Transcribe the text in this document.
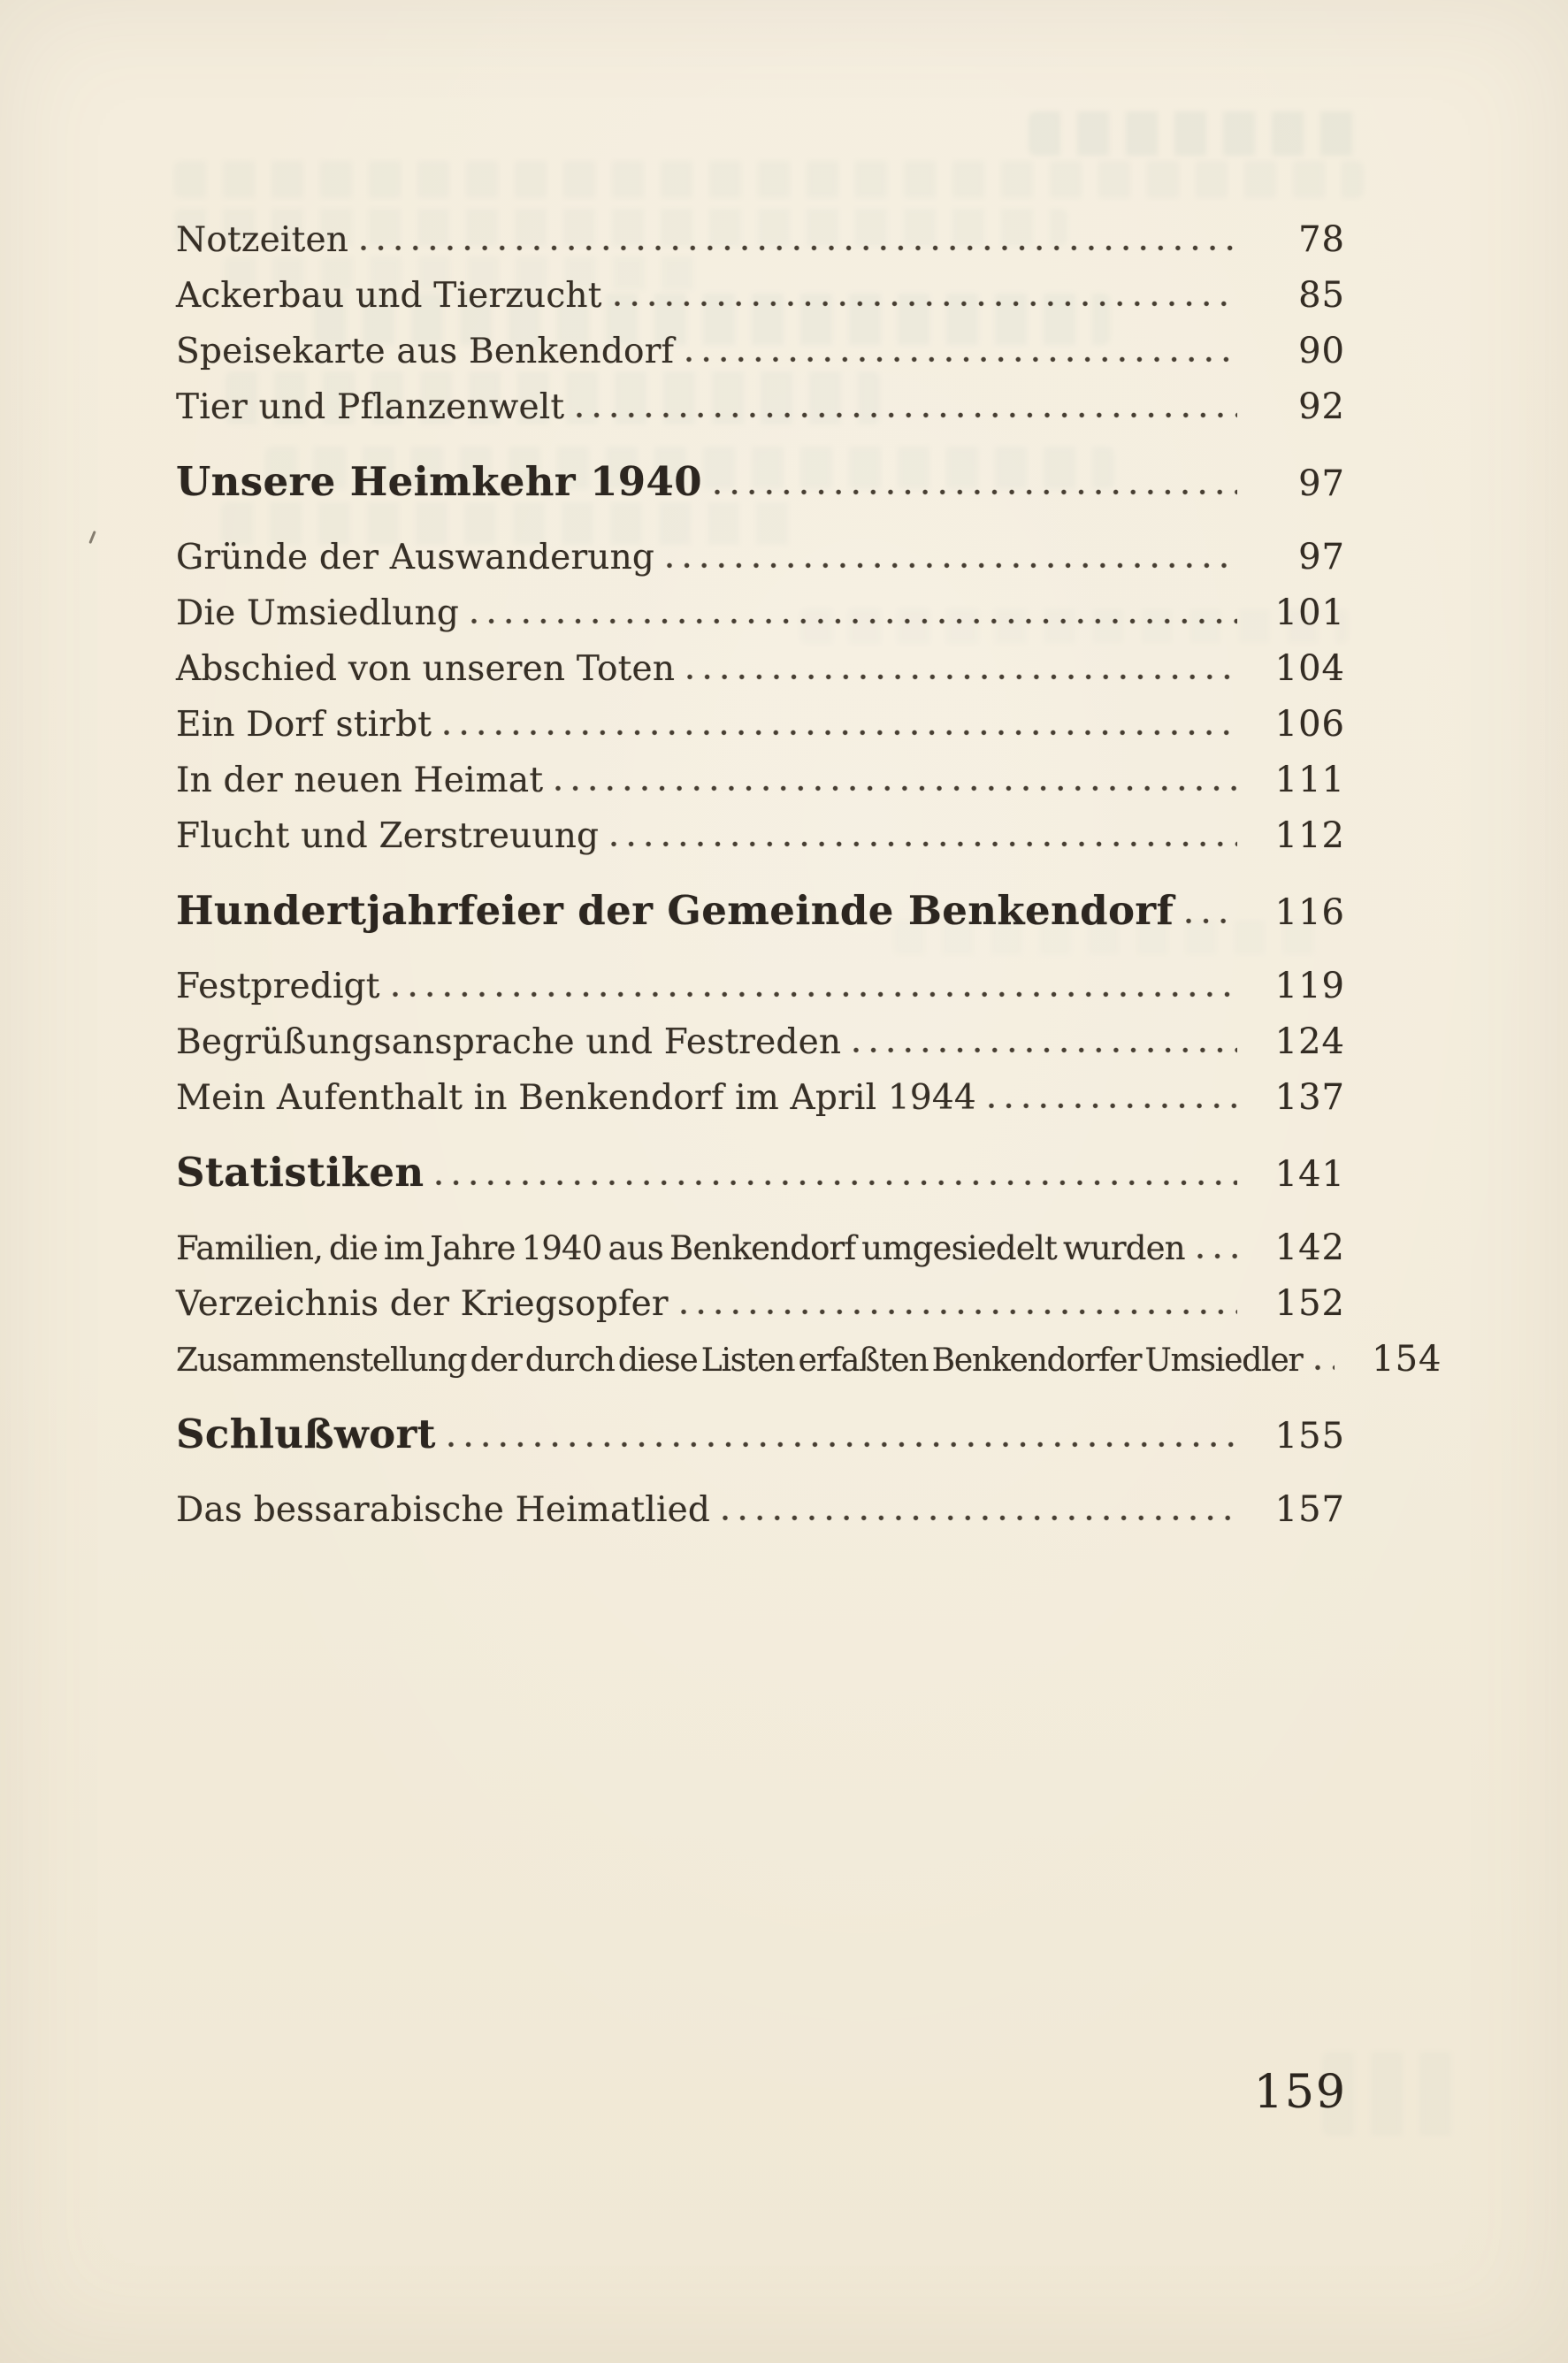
Notzeiten	78
Ackerbau und Tierzucht	85
Speisekarte aus Benkendorf	90
Tier und Pflanzenwelt	92
Unsere Heimkehr 1940	97
Gründe der Auswanderung	97
Die Umsiedlung	101
Abschied von unseren Toten	104
Ein Dorf stirbt	106
In der neuen Heimat	111
Flucht und Zerstreuung	112
Hundertjahrfeier der Gemeinde Benkendorf	116
Festpredigt	119
Begrüßungsansprache und Festreden	124
Mein Aufenthalt in Benkendorf im April 1944	137
Statistiken	141
Familien, die im Jahre 1940 aus Benkendorf umgesiedelt wurden	142
Verzeichnis der Kriegsopfer	152
Zusammenstellung der durch diese Listen erfaßten Benkendorfer Umsiedler	154
Schlußwort	155
Das bessarabische Heimatlied	157
159
